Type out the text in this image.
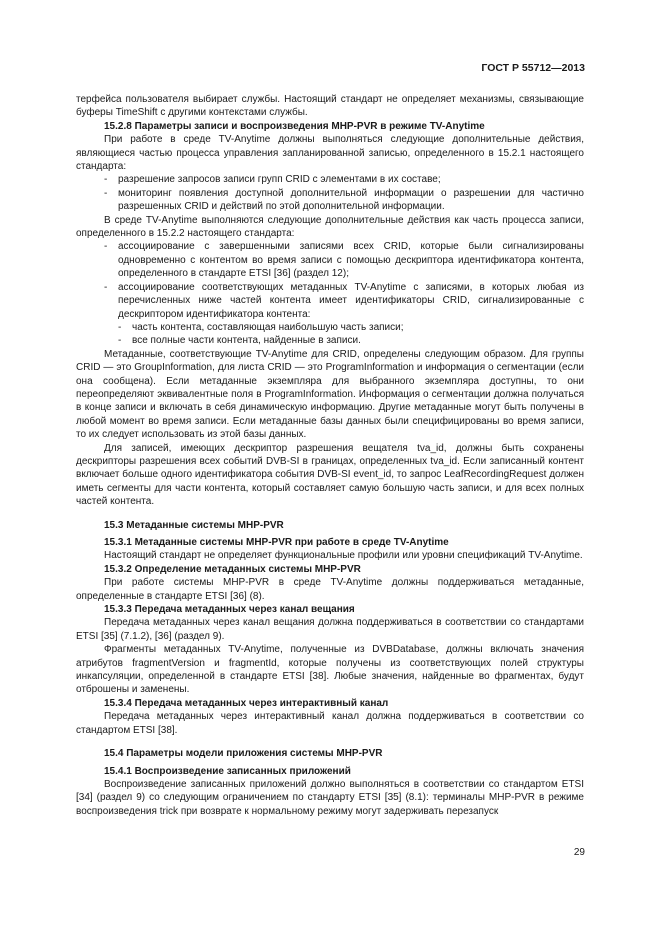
ГОСТ Р 55712—2013

терфейса пользователя выбирает службы. Настоящий стандарт не определяет механизмы, связывающие буферы TimeShift с другими контекстами службы.

15.2.8 Параметры записи и воспроизведения MHP-PVR в режиме TV-Anytime

При работе в среде TV-Anytime должны выполняться следующие дополнительные действия, являющиеся частью процесса управления запланированной записью, определенного в 15.2.1 настоящего стандарта:

-	разрешение запросов записи групп CRID с элементами в их составе;
-	мониторинг появления доступной дополнительной информации о разрешении для частично разрешенных CRID и действий по этой дополнительной информации.

В среде TV-Anytime выполняются следующие дополнительные действия как часть процесса записи, определенного в 15.2.2 настоящего стандарта:

-	ассоциирование с завершенными записями всех CRID, которые были сигнализированы одновременно с контентом во время записи с помощью дескриптора идентификатора контента, определенного в стандарте ETSI [36] (раздел 12);
-	ассоциирование соответствующих метаданных TV-Anytime с записями, в которых любая из перечисленных ниже частей контента имеет идентификаторы CRID, сигнализированные с дескриптором идентификатора контента:
-	часть контента, составляющая наибольшую часть записи;
-	все полные части контента, найденные в записи.

Метаданные, соответствующие TV-Anytime для CRID, определены следующим образом. Для группы CRID — это GroupInformation, для листа CRID — это ProgramInformation и информация о сегментации (если она сообщена). Если метаданные экземпляра для выбранного экземпляра доступны, то они переопределяют эквивалентные поля в ProgramInformation. Информация о сегментации должна получаться в конце записи и включать в себя динамическую информацию. Другие метаданные могут быть получены в любой момент во время записи. Если метаданные базы данных были специфицированы во время записи, то их следует использовать из этой базы данных.

Для записей, имеющих дескриптор разрешения вещателя tva_id, должны быть сохранены дескрипторы разрешения всех событий DVB-SI в границах, определенных tva_id. Если записанный контент включает больше одного идентификатора события DVB-SI event_id, то запрос LeafRecordingRequest должен иметь сегменты для части контента, который составляет самую большую часть записи, и для всех полных частей контента.

15.3 Метаданные системы MHP-PVR

15.3.1 Метаданные системы MHP-PVR при работе в среде TV-Anytime

Настоящий стандарт не определяет функциональные профили или уровни спецификаций TV-Anytime.

15.3.2 Определение метаданных системы MHP-PVR

При работе системы MHP-PVR в среде TV-Anytime должны поддерживаться метаданные, определенные в стандарте ETSI [36] (8).

15.3.3 Передача метаданных через канал вещания

Передача метаданных через канал вещания должна поддерживаться в соответствии со стандартами ETSI [35] (7.1.2), [36] (раздел 9).

Фрагменты метаданных TV-Anytime, полученные из DVBDatabase, должны включать значения атрибутов fragmentVersion и fragmentId, которые получены из соответствующих полей структуры инкапсуляции, определенной в стандарте ETSI [38]. Любые значения, найденные во фрагментах, будут отброшены и заменены.

15.3.4 Передача метаданных через интерактивный канал

Передача метаданных через интерактивный канал должна поддерживаться в соответствии со стандартом ETSI [38].

15.4 Параметры модели приложения системы MHP-PVR

15.4.1 Воспроизведение записанных приложений

Воспроизведение записанных приложений должно выполняться в соответствии со стандартом ETSI [34] (раздел 9) со следующим ограничением по стандарту ETSI [35] (8.1): терминалы MHP-PVR в режиме воспроизведения trick при возврате к нормальному режиму могут задерживать перезапуск

29
